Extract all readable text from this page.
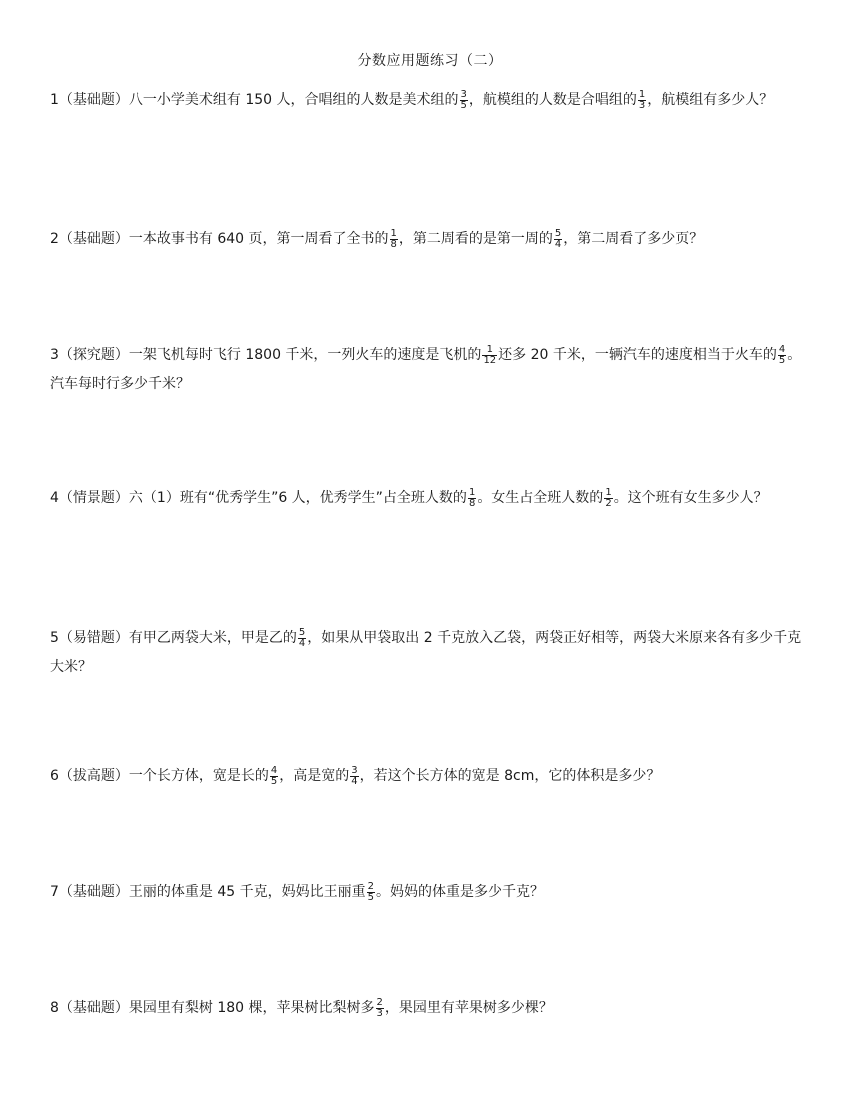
分数应用题练习（二）
1（基础题）八一小学美术组有 150 人，合唱组的人数是美术组的 $\frac{3}{5}$ ，航模组的人数是合唱组的 $\frac{1}{3}$ ，航模组有多少人？
2（基础题）一本故事书有 640 页，第一周看了全书的 $\frac{1}{8}$ ，第二周看的是第一周的 $\frac{5}{4}$ ，第二周看了多少页？
3（探究题）一架飞机每时飞行 1800 千米，一列火车的速度是飞机的 $\frac{1}{12}$ 还多 20 千米，一辆汽车的速度相当于火车的 $\frac{4}{5}$ 。汽车每时行多少千米？
4（情景题）六（1）班有“优秀学生”6 人，优秀学生”占全班人数的 $\frac{1}{8}$ 。女生占全班人数的 $\frac{1}{2}$ 。这个班有女生多少人？
5（易错题）有甲乙两袋大米，甲是乙的 $\frac{5}{4}$ ，如果从甲袋取出 2 千克放入乙袋，两袋正好相等，两袋大米原来各有多少千克大米？
6（拔高题）一个长方体，宽是长的 $\frac{4}{5}$ ，高是宽的 $\frac{3}{4}$ ，若这个长方体的宽是 8cm，它的体积是多少？
7（基础题）王丽的体重是 45 千克，妈妈比王丽重 $\frac{2}{5}$ 。妈妈的体重是多少千克？
8（基础题）果园里有梨树 180 棵，苹果树比梨树多 $\frac{2}{3}$ ，果园里有苹果树多少棵？
